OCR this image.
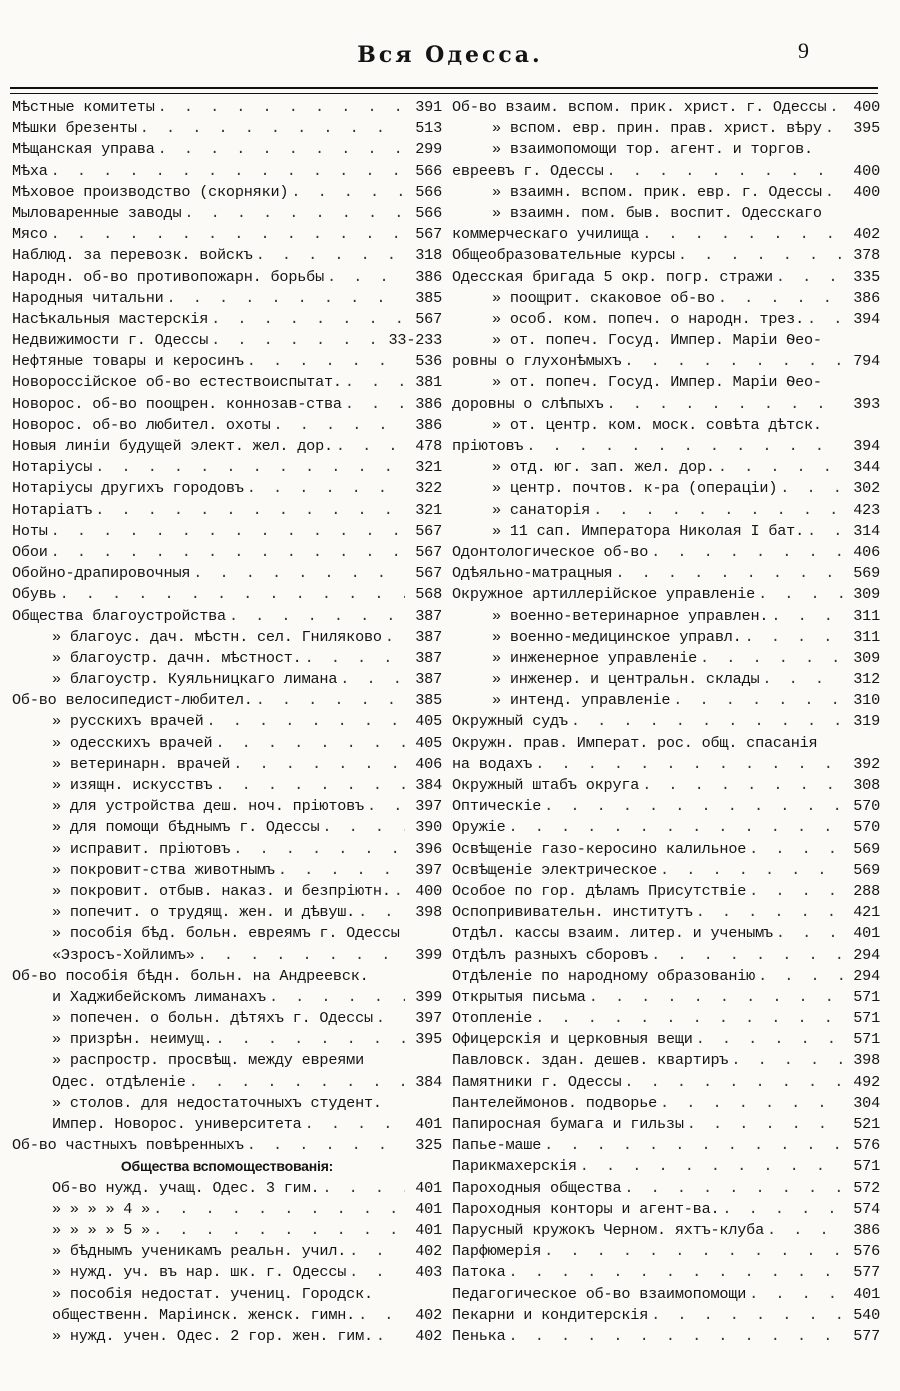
Вся Одесса.	9
Мѣстные комитеты . . .	391
Мѣшки брезенты . . .	513
Мѣщанская управа . . .	299
Мѣха . . .	566
Мѣховое производство (скорняки) . . .	566
Мыловаренные заводы . . .	566
Мясо . . .	567
Наблюд. за перевозк. войскъ . . .	318
Народн. об-во противопожарн. борьбы . . .	386
Народныя читальни . . .	385
Насѣкальныя мастерскія . . .	567
Недвижимости г. Одессы . . .	33-233
Нефтяные товары и керосинъ . . .	536
Новороссійское об-во естествоиспытат. . . .	381
Новорос. об-во поощрен. коннозав-ства . . .	386
Новорос. об-во любител. охоты . . .	386
Новыя линіи будущей элект. жел. дор. . . .	478
Нотаріусы . . .	321
Нотаріусы другихъ городовъ . . .	322
Нотаріатъ . . .	321
Ноты . . .	567
Обои . . .	567
Обойно-драпировочныя . . .	567
Обувь . . .	568
Общества благоустройства . . .	387
» благоус. дач. мѣстн. сел. Гниляково . . .	387
» благоустр. дачн. мѣстност. . . .	387
» благоустр. Куяльницкаго лимана . . .	387
Об-во велосипедист-любител. . . .	385
» русскихъ врачей . . .	405
» одесскихъ врачей . . .	405
» ветеринарн. врачей . . .	406
» изящн. искусствъ . . .	384
» для устройства деш. ноч. пріютовъ . . .	397
» для помощи бѣднымъ г. Одессы . . .	390
» исправит. пріютовъ . . .	396
» покровит-ства животнымъ . . .	397
» покровит. отбыв. наказ. и безпріютн. . . .	400
» попечит. о трудящ. жен. и дѣвуш. . . .	398
» пособія бѣд. больн. евреямъ г. Одессы
«Эзросъ-Хойлимъ» . . .	399
Об-во пособія бѣдн. больн. на Андреевск.
и Хаджибейскомъ лиманахъ . . .	399
» попечен. о больн. дѣтяхъ г. Одессы . . .	397
» призрѣн. неимущ. . . .	395
» распростр. просвѣщ. между евреями
Одес. отдѣленіе . . .	384
» столов. для недостаточныхъ студент.
Импер. Новорос. университета . . .	401
Об-во частныхъ повѣренныхъ . . .	325
Общества вспомоществованія:
Об-во нужд. учащ. Одес. 3 гим. . . .	401
» » » » 4 » . . .	401
» » » » 5 » . . .	401
» бѣднымъ ученикамъ реальн. учил. . . .	402
» нужд. уч. въ нар. шк. г. Одессы . . .	403
» пособія недостат. учениц. Городск.
общественн. Маріинск. женск. гимн. . . .	402
» нужд. учен. Одес. 2 гор. жен. гим. . . .	402
Об-во взаим. вспом. прик. христ. г. Одессы . . .	400
» вспом. евр. прин. прав. христ. вѣру . . .	395
» взаимопомощи тор. агент. и торгов.
евреевъ г. Одессы . . .	400
» взаимн. вспом. прик. евр. г. Одессы . . .	400
» взаимн. пом. быв. воспит. Одесскаго
коммерческаго училища . . .	402
Общеобразовательные курсы . . .	378
Одесская бригада 5 окр. погр. стражи . . .	335
» поощрит. скаковое об-во . . .	386
» особ. ком. попеч. о народн. трез. . . .	394
» от. попеч. Госуд. Импер. Маріи Ѳео-
ровны о глухонѣмыхъ . . .	794
» от. попеч. Госуд. Импер. Маріи Ѳео-
доровны о слѣпыхъ . . .	393
» от. центр. ком. моск. совѣта дѣтск.
пріютовъ . . .	394
» отд. юг. зап. жел. дор. . . .	344
» центр. почтов. к-ра (операціи) . . .	302
» санаторія . . .	423
» 11 сап. Императора Николая I бат. . . .	314
Одонтологическое об-во . . .	406
Одѣяльно-матрацныя . . .	569
Окружное артиллерійское управленіе . . .	309
» военно-ветеринарное управлен. . . .	311
» военно-медицинское управл. . . .	311
» инженерное управленіе . . .	309
» инженер. и центральн. склады . . .	312
» интенд. управленіе . . .	310
Окружный судъ . . .	319
Окружн. прав. Императ. рос. общ. спасанія
на водахъ . . .	392
Окружный штабъ округа . . .	308
Оптическіе . . .	570
Оружіе . . .	570
Освѣщеніе газо-керосино калильное . . .	569
Освѣщеніе электрическое . . .	569
Особое по гор. дѣламъ Присутствіе . . .	288
Оспопрививательн. институтъ . . .	421
Отдѣл. кассы взаим. литер. и ученымъ . . .	401
Отдѣлъ разныхъ сборовъ . . .	294
Отдѣленіе по народному образованію . . .	294
Открытыя письма . . .	571
Отопленіе . . .	571
Офицерскія и церковныя вещи . . .	571
Павловск. здан. дешев. квартиръ . . .	398
Памятники г. Одессы . . .	492
Пантелеймонов. подворье . . .	304
Папиросная бумага и гильзы . . .	521
Папье-маше . . .	576
Парикмахерскія . . .	571
Пароходныя общества . . .	572
Пароходныя конторы и агент-ва. . . .	574
Парусный кружокъ Черном. яхтъ-клуба . . .	386
Парфюмерія . . .	576
Патока . . .	577
Педагогическое об-во взаимопомощи . . .	401
Пекарни и кондитерскія . . .	540
Пенька . . .	577
